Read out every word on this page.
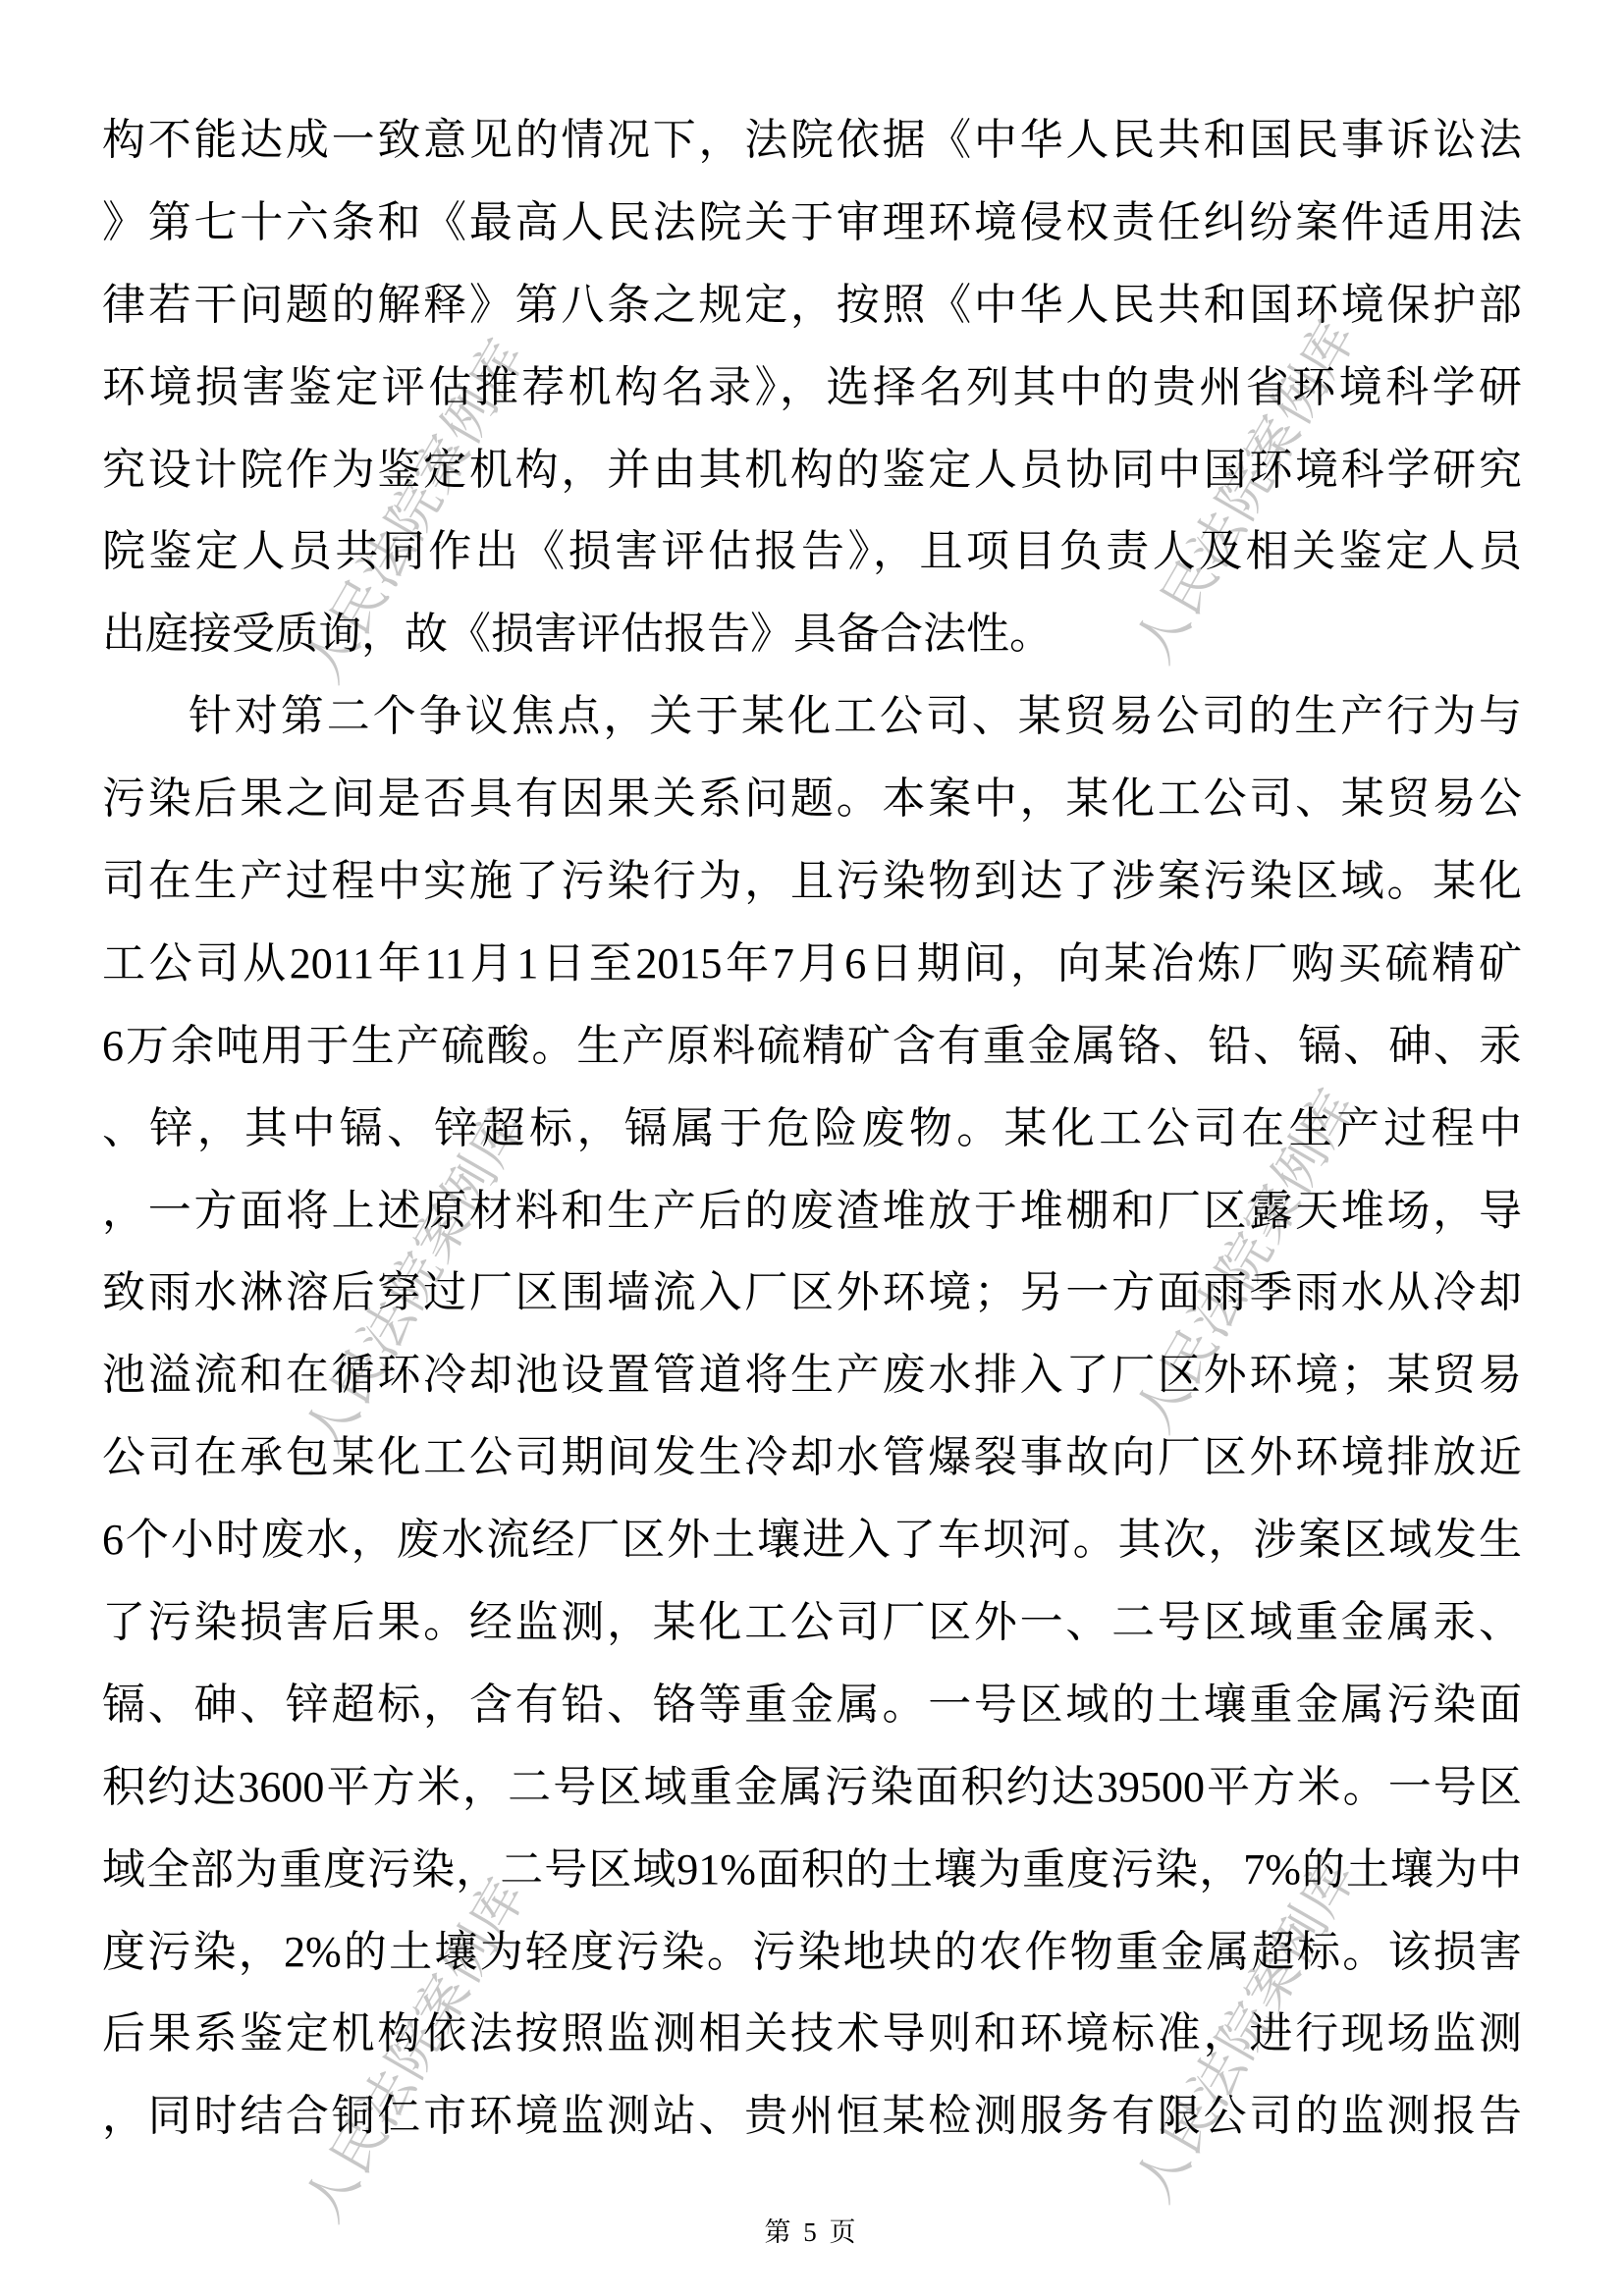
人民法院案例库
人民法院案例库
人民法院案例库
人民法院案例库
人民法院案例库
人民法院案例库
构不能达成一致意见的情况下，法院依据《中华人民共和国民事诉讼法
》第七十六条和《最高人民法院关于审理环境侵权责任纠纷案件适用法
律若干问题的解释》第八条之规定，按照《中华人民共和国环境保护部
环境损害鉴定评估推荐机构名录》，选择名列其中的贵州省环境科学研
究设计院作为鉴定机构，并由其机构的鉴定人员协同中国环境科学研究
院鉴定人员共同作出《损害评估报告》，且项目负责人及相关鉴定人员
出庭接受质询，故《损害评估报告》具备合法性。
针对第二个争议焦点，关于某化工公司、某贸易公司的生产行为与
污染后果之间是否具有因果关系问题。本案中，某化工公司、某贸易公
司在生产过程中实施了污染行为，且污染物到达了涉案污染区域。某化
工公司从2011年11月1日至2015年7月6日期间，向某冶炼厂购买硫精矿
6万余吨用于生产硫酸。生产原料硫精矿含有重金属铬、铅、镉、砷、汞
、锌，其中镉、锌超标，镉属于危险废物。某化工公司在生产过程中
，一方面将上述原材料和生产后的废渣堆放于堆棚和厂区露天堆场，导
致雨水淋溶后穿过厂区围墙流入厂区外环境；另一方面雨季雨水从冷却
池溢流和在循环冷却池设置管道将生产废水排入了厂区外环境；某贸易
公司在承包某化工公司期间发生冷却水管爆裂事故向厂区外环境排放近
6个小时废水，废水流经厂区外土壤进入了车坝河。其次，涉案区域发生
了污染损害后果。经监测，某化工公司厂区外一、二号区域重金属汞、
镉、砷、锌超标，含有铅、铬等重金属。一号区域的土壤重金属污染面
积约达3600平方米，二号区域重金属污染面积约达39500平方米。一号区
域全部为重度污染，二号区域91%面积的土壤为重度污染，7%的土壤为中
度污染，2%的土壤为轻度污染。污染地块的农作物重金属超标。该损害
后果系鉴定机构依法按照监测相关技术导则和环境标准，进行现场监测
，同时结合铜仁市环境监测站、贵州恒某检测服务有限公司的监测报告
第 5 页
